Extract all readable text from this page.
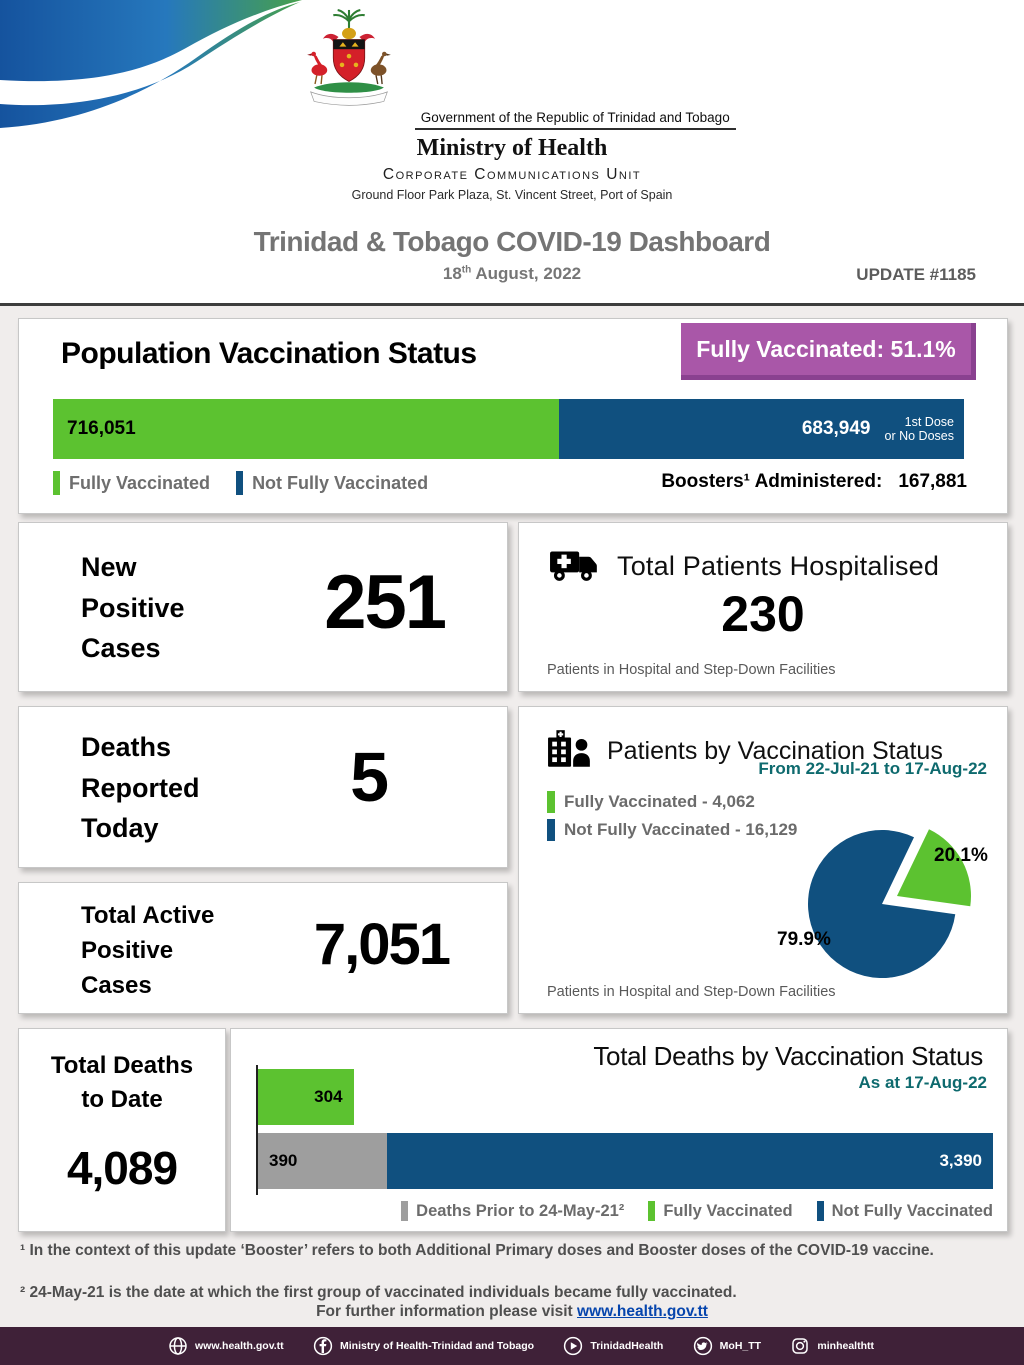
Government of the Republic of Trinidad and Tobago
Ministry of Health
Corporate Communications Unit
Ground Floor Park Plaza, St. Vincent Street, Port of Spain
Trinidad & Tobago COVID-19 Dashboard
18th August, 2022	UPDATE #1185
Population Vaccination Status	Fully Vaccinated: 51.1%
716,051	683,949	1st Dose
or No Doses
Fully Vaccinated Not Fully Vaccinated	Boosters¹ Administered: 167,881
New
Positive
Cases
251	Total Patients Hospitalised
230
Patients in Hospital and Step-Down Facilities
Deaths
Reported
Today
5
Total Active
Positive
Cases
7,051
Patients by Vaccination Status
From 22-Jul-21 to 17-Aug-22
Fully Vaccinated - 4,062
Not Fully Vaccinated - 16,129
20.1%
79.9%
Patients in Hospital and Step-Down Facilities
Total Deaths
to Date
4,089
Total Deaths by Vaccination Status
As at 17-Aug-22
304
390	3,390
Deaths Prior to 24-May-21² Fully Vaccinated Not Fully Vaccinated
¹ In the context of this update ‘Booster’ refers to both Additional Primary doses and Booster doses of the COVID-19 vaccine.
² 24-May-21 is the date at which the first group of vaccinated individuals became fully vaccinated.
For further information please visit www.health.gov.tt
www.health.gov.tt	Ministry of Health-Trinidad and Tobago	TrinidadHealth	MoH_TT	minhealthtt
